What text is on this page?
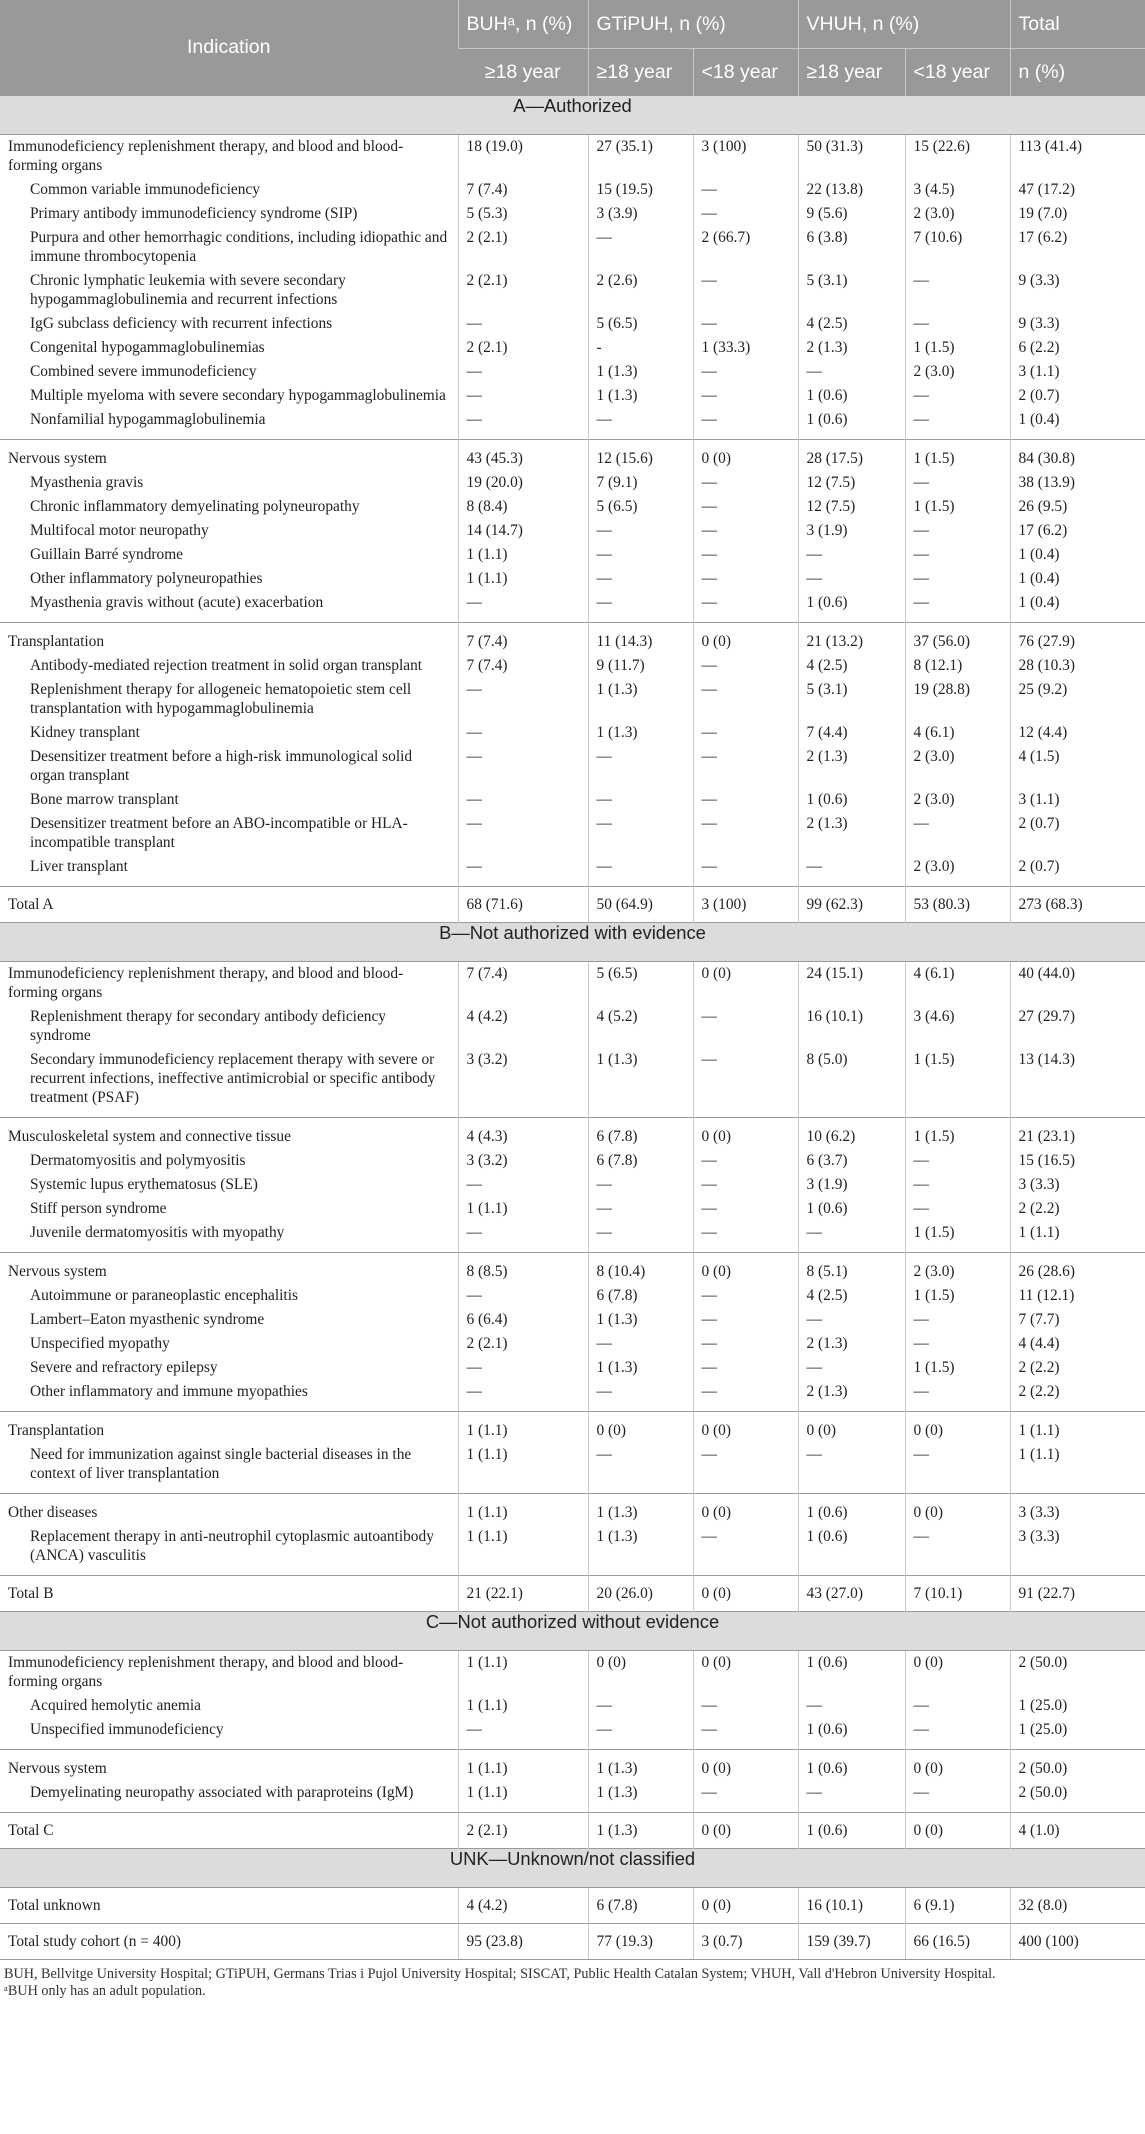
Indication	BUHᵃ, n (%)	GTiPUH, n (%)		VHUH, n (%)		Total
	≥18 year	≥18 year	<18 year	≥18 year	<18 year	n (%)
A—Authorized						
Immunodeficiency replenishment therapy, and blood and blood-forming organs	18 (19.0)	27 (35.1)	3 (100)	50 (31.3)	15 (22.6)	113 (41.4)
Common variable immunodeficiency	7 (7.4)	15 (19.5)	—	22 (13.8)	3 (4.5)	47 (17.2)
Primary antibody immunodeficiency syndrome (SIP)	5 (5.3)	3 (3.9)	—	9 (5.6)	2 (3.0)	19 (7.0)
Purpura and other hemorrhagic conditions, including idiopathic and immune thrombocytopenia	2 (2.1)	—	2 (66.7)	6 (3.8)	7 (10.6)	17 (6.2)
Chronic lymphatic leukemia with severe secondary hypogammaglobulinemia and recurrent infections	2 (2.1)	2 (2.6)	—	5 (3.1)	—	9 (3.3)
IgG subclass deficiency with recurrent infections	—	5 (6.5)	—	4 (2.5)	—	9 (3.3)
Congenital hypogammaglobulinemias	2 (2.1)	-	1 (33.3)	2 (1.3)	1 (1.5)	6 (2.2)
Combined severe immunodeficiency	—	1 (1.3)	—	—	2 (3.0)	3 (1.1)
Multiple myeloma with severe secondary hypogammaglobulinemia	—	1 (1.3)	—	1 (0.6)	—	2 (0.7)
Nonfamilial hypogammaglobulinemia	—	—	—	1 (0.6)	—	1 (0.4)
Nervous system	43 (45.3)	12 (15.6)	0 (0)	28 (17.5)	1 (1.5)	84 (30.8)
Myasthenia gravis	19 (20.0)	7 (9.1)	—	12 (7.5)	—	38 (13.9)
Chronic inflammatory demyelinating polyneuropathy	8 (8.4)	5 (6.5)	—	12 (7.5)	1 (1.5)	26 (9.5)
Multifocal motor neuropathy	14 (14.7)	—	—	3 (1.9)	—	17 (6.2)
Guillain Barré syndrome	1 (1.1)	—	—	—	—	1 (0.4)
Other inflammatory polyneuropathies	1 (1.1)	—	—	—	—	1 (0.4)
Myasthenia gravis without (acute) exacerbation	—	—	—	1 (0.6)	—	1 (0.4)
Transplantation	7 (7.4)	11 (14.3)	0 (0)	21 (13.2)	37 (56.0)	76 (27.9)
Antibody-mediated rejection treatment in solid organ transplant	7 (7.4)	9 (11.7)	—	4 (2.5)	8 (12.1)	28 (10.3)
Replenishment therapy for allogeneic hematopoietic stem cell transplantation with hypogammaglobulinemia	—	1 (1.3)	—	5 (3.1)	19 (28.8)	25 (9.2)
Kidney transplant	—	1 (1.3)	—	7 (4.4)	4 (6.1)	12 (4.4)
Desensitizer treatment before a high-risk immunological solid organ transplant	—	—	—	2 (1.3)	2 (3.0)	4 (1.5)
Bone marrow transplant	—	—	—	1 (0.6)	2 (3.0)	3 (1.1)
Desensitizer treatment before an ABO-incompatible or HLA-incompatible transplant	—	—	—	2 (1.3)	—	2 (0.7)
Liver transplant	—	—	—	—	2 (3.0)	2 (0.7)
Total A	68 (71.6)	50 (64.9)	3 (100)	99 (62.3)	53 (80.3)	273 (68.3)
B—Not authorized with evidence						
Immunodeficiency replenishment therapy, and blood and blood-forming organs	7 (7.4)	5 (6.5)	0 (0)	24 (15.1)	4 (6.1)	40 (44.0)
Replenishment therapy for secondary antibody deficiency syndrome	4 (4.2)	4 (5.2)	—	16 (10.1)	3 (4.6)	27 (29.7)
Secondary immunodeficiency replacement therapy with severe or recurrent infections, ineffective antimicrobial or specific antibody treatment (PSAF)	3 (3.2)	1 (1.3)	—	8 (5.0)	1 (1.5)	13 (14.3)
Musculoskeletal system and connective tissue	4 (4.3)	6 (7.8)	0 (0)	10 (6.2)	1 (1.5)	21 (23.1)
Dermatomyositis and polymyositis	3 (3.2)	6 (7.8)	—	6 (3.7)	—	15 (16.5)
Systemic lupus erythematosus (SLE)	—	—	—	3 (1.9)	—	3 (3.3)
Stiff person syndrome	1 (1.1)	—	—	1 (0.6)	—	2 (2.2)
Juvenile dermatomyositis with myopathy	—	—	—	—	1 (1.5)	1 (1.1)
Nervous system	8 (8.5)	8 (10.4)	0 (0)	8 (5.1)	2 (3.0)	26 (28.6)
Autoimmune or paraneoplastic encephalitis	—	6 (7.8)	—	4 (2.5)	1 (1.5)	11 (12.1)
Lambert–Eaton myasthenic syndrome	6 (6.4)	1 (1.3)	—	—	—	7 (7.7)
Unspecified myopathy	2 (2.1)	—	—	2 (1.3)	—	4 (4.4)
Severe and refractory epilepsy	—	1 (1.3)	—	—	1 (1.5)	2 (2.2)
Other inflammatory and immune myopathies	—	—	—	2 (1.3)	—	2 (2.2)
Transplantation	1 (1.1)	0 (0)	0 (0)	0 (0)	0 (0)	1 (1.1)
Need for immunization against single bacterial diseases in the context of liver transplantation	1 (1.1)	—	—	—	—	1 (1.1)
Other diseases	1 (1.1)	1 (1.3)	0 (0)	1 (0.6)	0 (0)	3 (3.3)
Replacement therapy in anti-neutrophil cytoplasmic autoantibody (ANCA) vasculitis	1 (1.1)	1 (1.3)	—	1 (0.6)	—	3 (3.3)
Total B	21 (22.1)	20 (26.0)	0 (0)	43 (27.0)	7 (10.1)	91 (22.7)
C—Not authorized without evidence						
Immunodeficiency replenishment therapy, and blood and blood-forming organs	1 (1.1)	0 (0)	0 (0)	1 (0.6)	0 (0)	2 (50.0)
Acquired hemolytic anemia	1 (1.1)	—	—	—	—	1 (25.0)
Unspecified immunodeficiency	—	—	—	1 (0.6)	—	1 (25.0)
Nervous system	1 (1.1)	1 (1.3)	0 (0)	1 (0.6)	0 (0)	2 (50.0)
Demyelinating neuropathy associated with paraproteins (IgM)	1 (1.1)	1 (1.3)	—	—	—	2 (50.0)
Total C	2 (2.1)	1 (1.3)	0 (0)	1 (0.6)	0 (0)	4 (1.0)
UNK—Unknown/not classified						
Total unknown	4 (4.2)	6 (7.8)	0 (0)	16 (10.1)	6 (9.1)	32 (8.0)
Total study cohort (n = 400)	95 (23.8)	77 (19.3)	3 (0.7)	159 (39.7)	66 (16.5)	400 (100)
BUH, Bellvitge University Hospital; GTiPUH, Germans Trias i Pujol University Hospital; SISCAT, Public Health Catalan System; VHUH, Vall d'Hebron University Hospital.
ᵃBUH only has an adult population.
